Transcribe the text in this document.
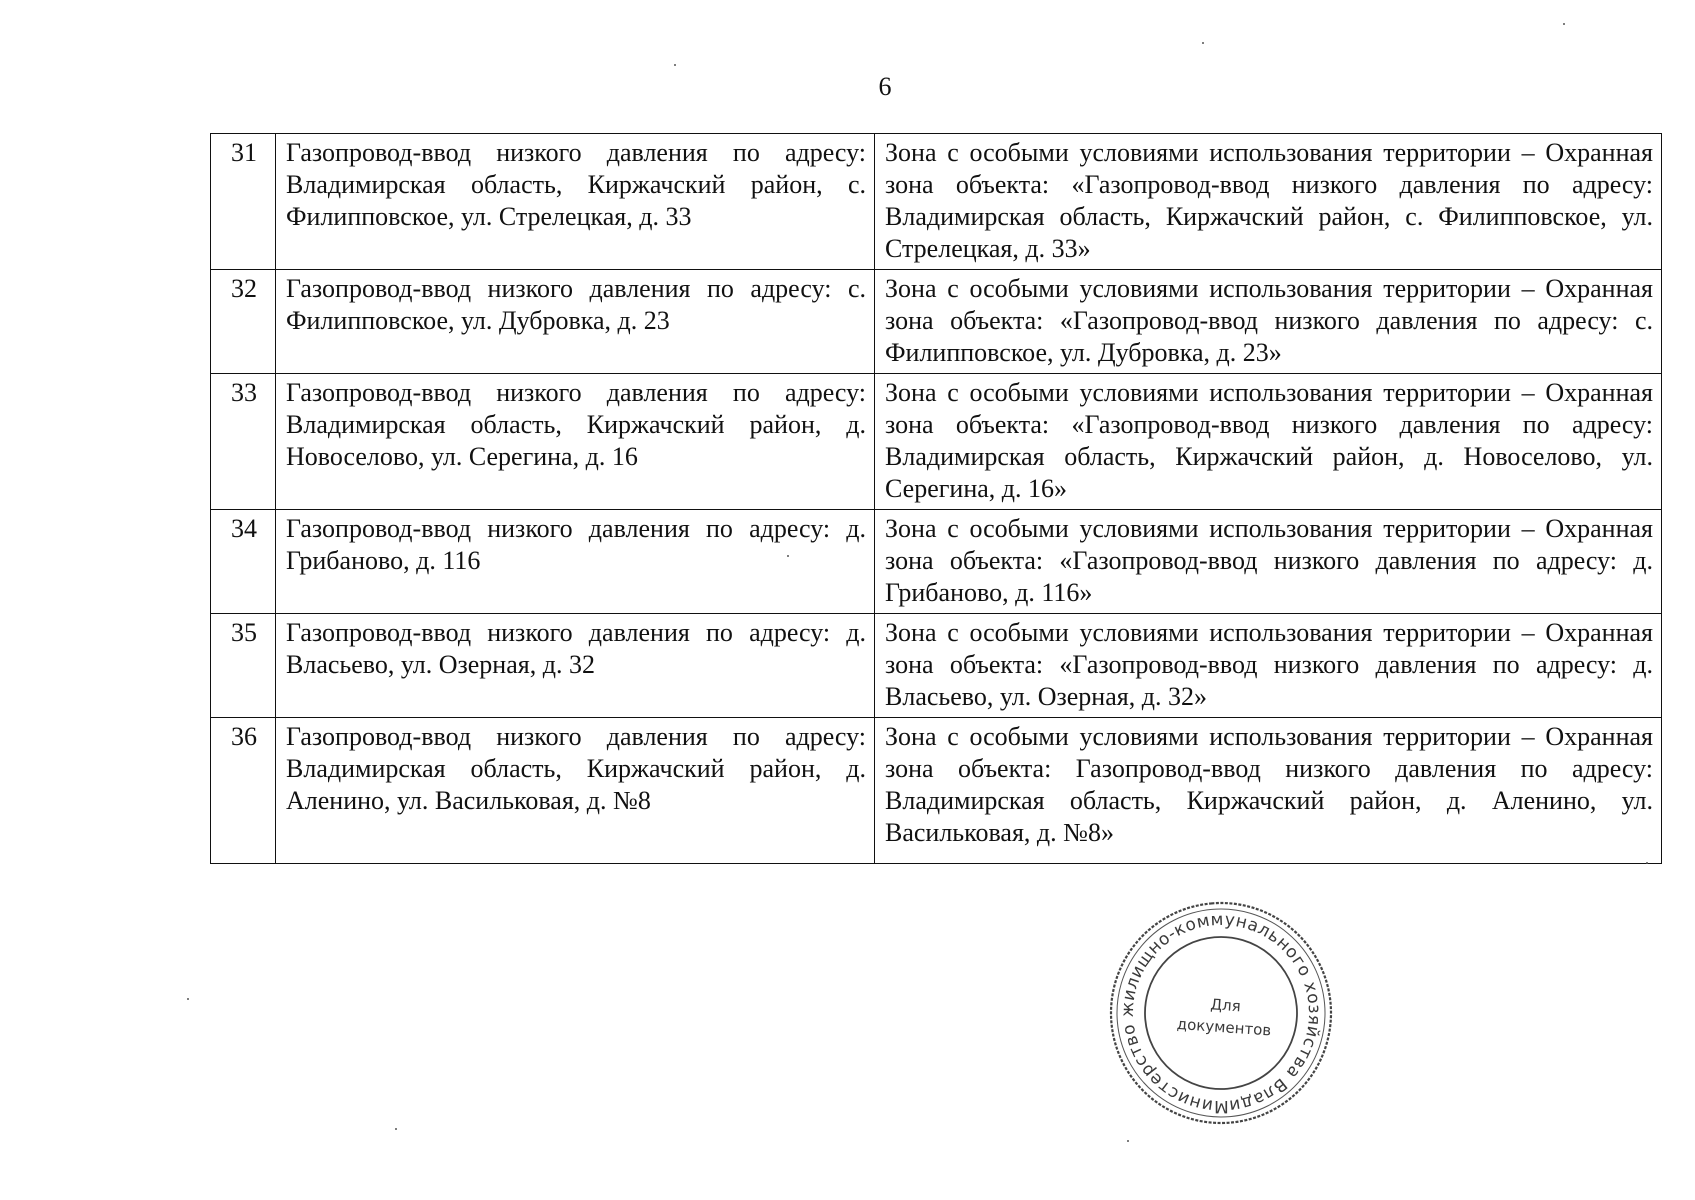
6
31	Газопровод-ввод низкого давления по адресу: Владимирская область, Киржачский район, с. Филипповское, ул. Стрелецкая, д. 33	Зона с особыми условиями использования территории – Охранная зона объекта: «Газопровод-ввод низкого давления по адресу: Владимирская область, Киржачский район, с. Филипповское, ул. Стрелецкая, д. 33»
32	Газопровод-ввод низкого давления по адресу: с. Филипповское, ул. Дубровка, д. 23	Зона с особыми условиями использования территории – Охранная зона объекта: «Газопровод-ввод низкого давления по адресу: с. Филипповское, ул. Дубровка, д. 23»
33	Газопровод-ввод низкого давления по адресу: Владимирская область, Киржачский район, д. Новоселово, ул. Серегина, д. 16	Зона с особыми условиями использования территории – Охранная зона объекта: «Газопровод-ввод низкого давления по адресу: Владимирская область, Киржачский район, д. Новоселово, ул. Серегина, д. 16»
34	Газопровод-ввод низкого давления по адресу: д. Грибаново, д. 116	Зона с особыми условиями использования территории – Охранная зона объекта: «Газопровод-ввод низкого давления по адресу: д. Грибаново, д. 116»
35	Газопровод-ввод низкого давления по адресу: д. Власьево, ул. Озерная, д. 32	Зона с особыми условиями использования территории – Охранная зона объекта: «Газопровод-ввод низкого давления по адресу: д. Власьево, ул. Озерная, д. 32»
36	Газопровод-ввод низкого давления по адресу: Владимирская область, Киржачский район, д. Аленино, ул. Васильковая, д. №8	Зона с особыми условиями использования территории – Охранная зона объекта: Газопровод-ввод низкого давления по адресу: Владимирская область, Киржачский район, д. Аленино, ул. Васильковая, д. №8»
Министерство жилищно-коммунального хозяйства Владимирской
Для
документов
